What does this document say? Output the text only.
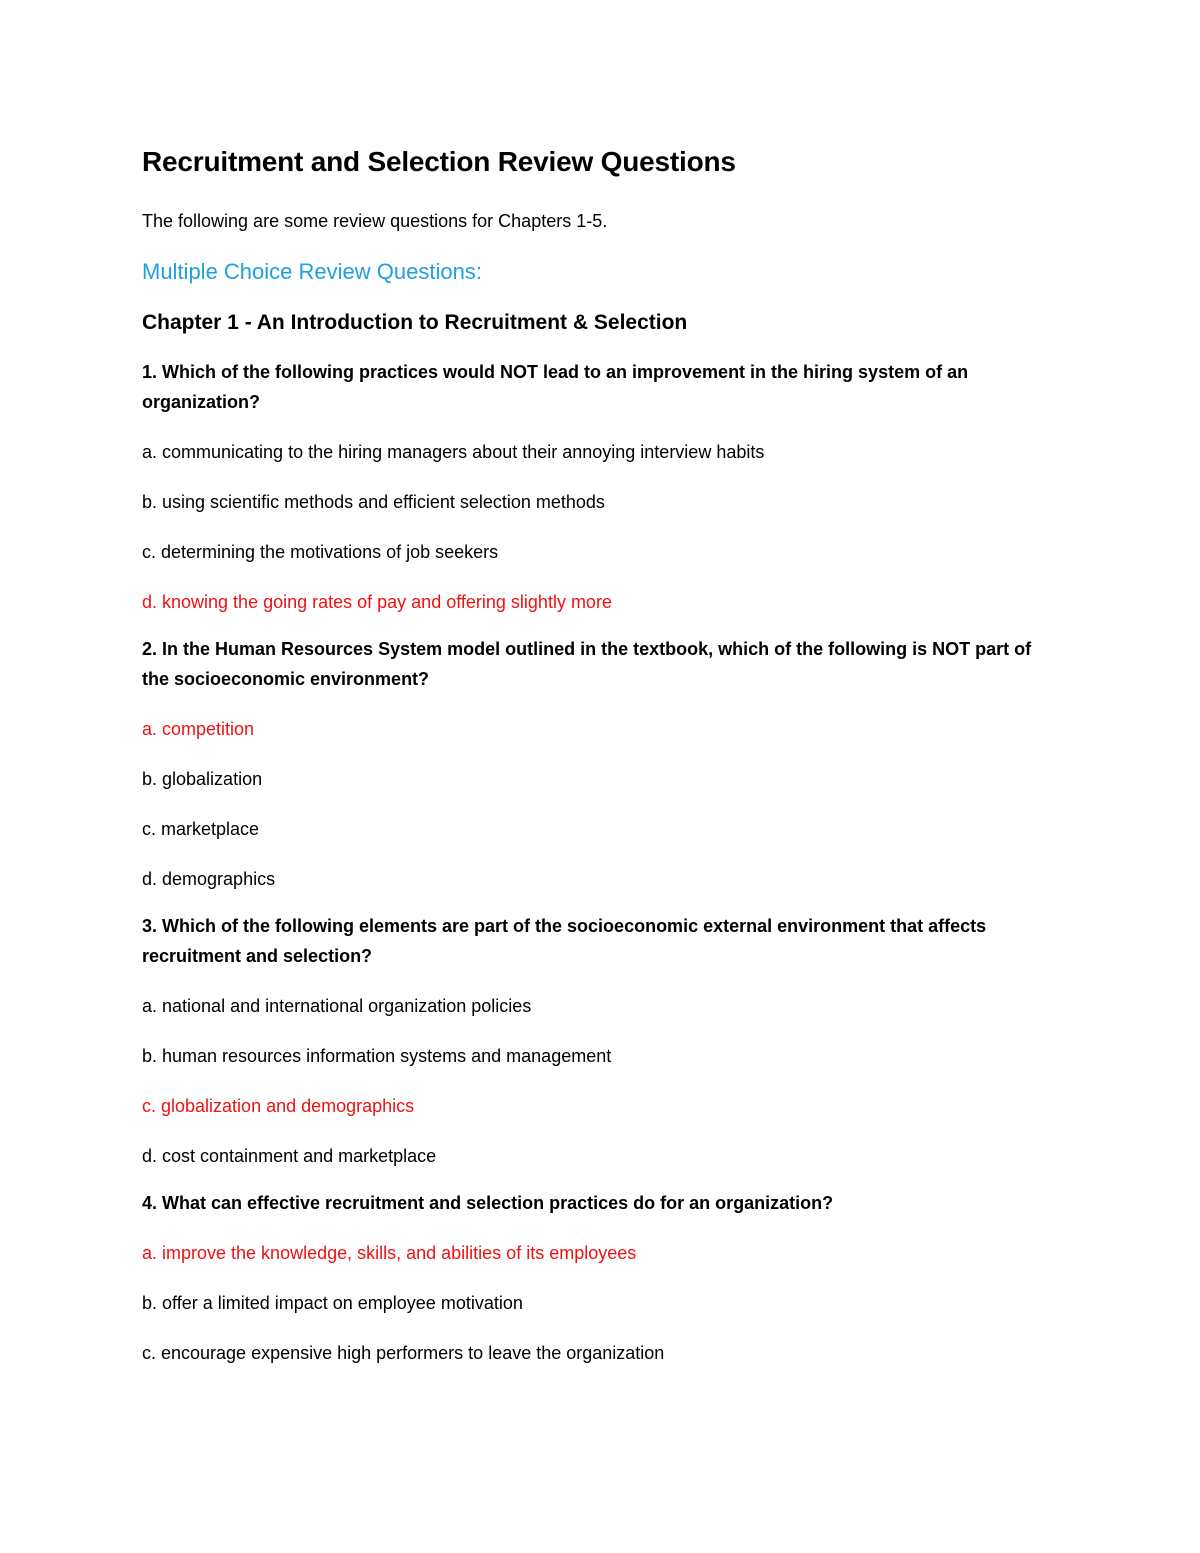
Recruitment and Selection Review Questions

The following are some review questions for Chapters 1-5.

Multiple Choice Review Questions:
Chapter 1 - An Introduction to Recruitment & Selection

1. Which of the following practices would NOT lead to an improvement in the hiring system of an organization?

a. communicating to the hiring managers about their annoying interview habits

b. using scientific methods and efficient selection methods

c. determining the motivations of job seekers

d. knowing the going rates of pay and offering slightly more

2. In the Human Resources System model outlined in the textbook, which of the following is NOT part of the socioeconomic environment?

a. competition

b. globalization

c. marketplace

d. demographics

3. Which of the following elements are part of the socioeconomic external environment that affects recruitment and selection?

a. national and international organization policies

b. human resources information systems and management

c. globalization and demographics

d. cost containment and marketplace

4. What can effective recruitment and selection practices do for an organization?

a. improve the knowledge, skills, and abilities of its employees

b. offer a limited impact on employee motivation

c. encourage expensive high performers to leave the organization
